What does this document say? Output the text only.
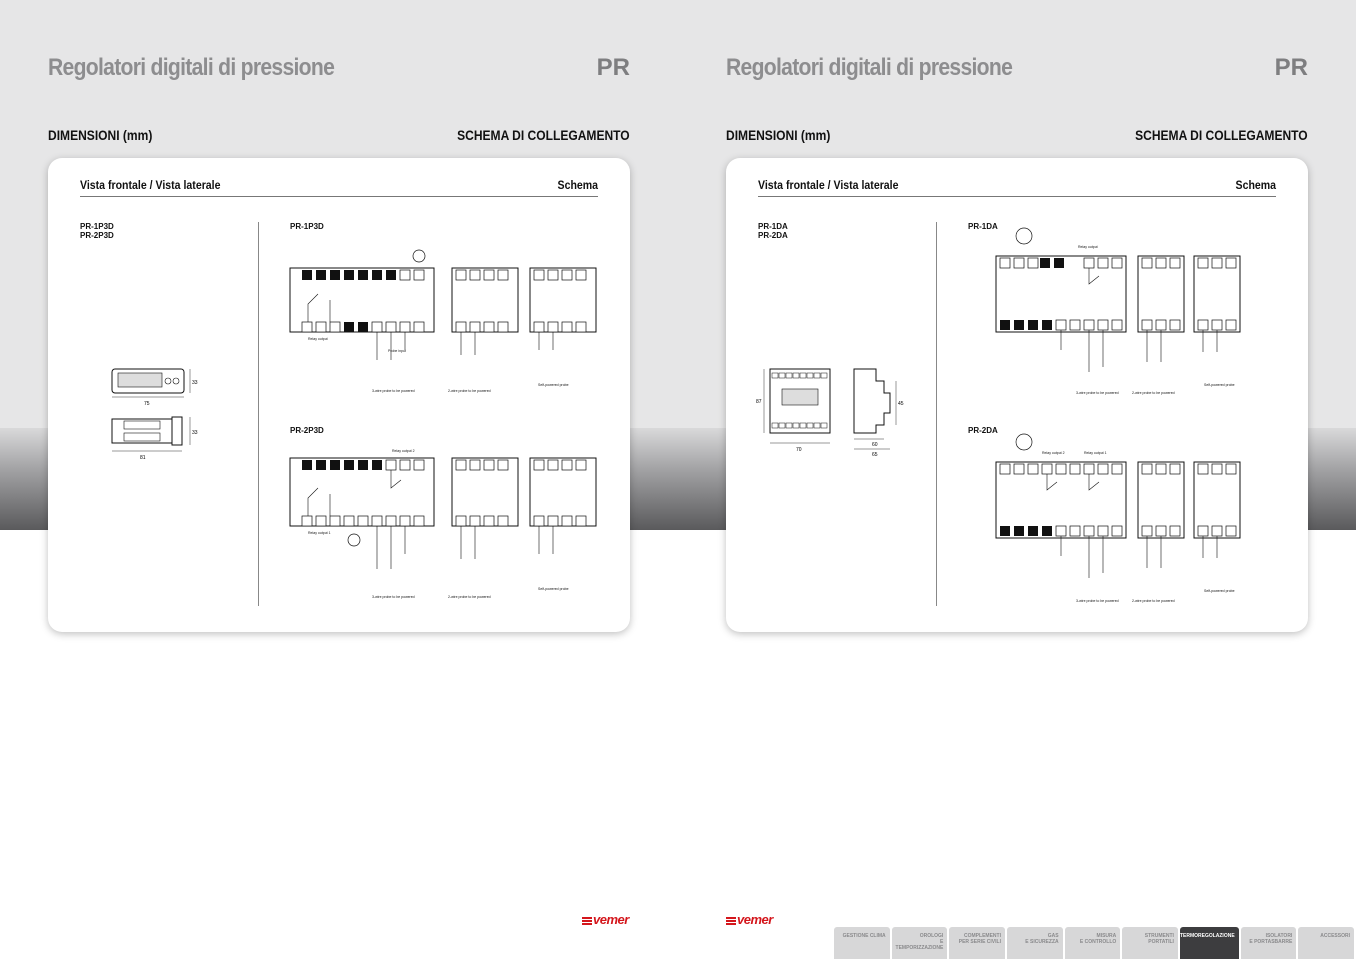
Regolatori digitali di pressione	PR
DIMENSIONI (mm)	SCHEMA DI COLLEGAMENTO
Vista frontale / Vista laterale	Schema
PR-1P3D
PR-2P3D
PR-1P3D
PR-2P3D
75
33
81
33
Relay output
Probe input
3-wire probe to be powered	2-wire probe to be powered
Self-powered probe
Relay output 2
Relay output 1
3-wire probe to be powered	2-wire probe to be powered
Self-powered probe
vemer
Regolatori digitali di pressione	PR
DIMENSIONI (mm)	SCHEMA DI COLLEGAMENTO
Vista frontale / Vista laterale	Schema
PR-1DA
PR-2DA
PR-1DA
PR-2DA
87
70
45
60
65
Relay output
3-wire probe to be powered	2-wire probe to be powered
Self-powered probe
Relay output 2	Relay output 1
3-wire probe to be powered	2-wire probe to be powered
Self-powered probe
vemer
GESTIONE CLIMA	OROLOGI
E TEMPORIZZAZIONE
COMPLEMENTI
PER SERIE CIVILI
GAS
E SICUREZZA
MISURA
E CONTROLLO
STRUMENTI
PORTATILI
TERMOREGOLAZIONE	ISOLATORI
E PORTASBARRE
ACCESSORI
